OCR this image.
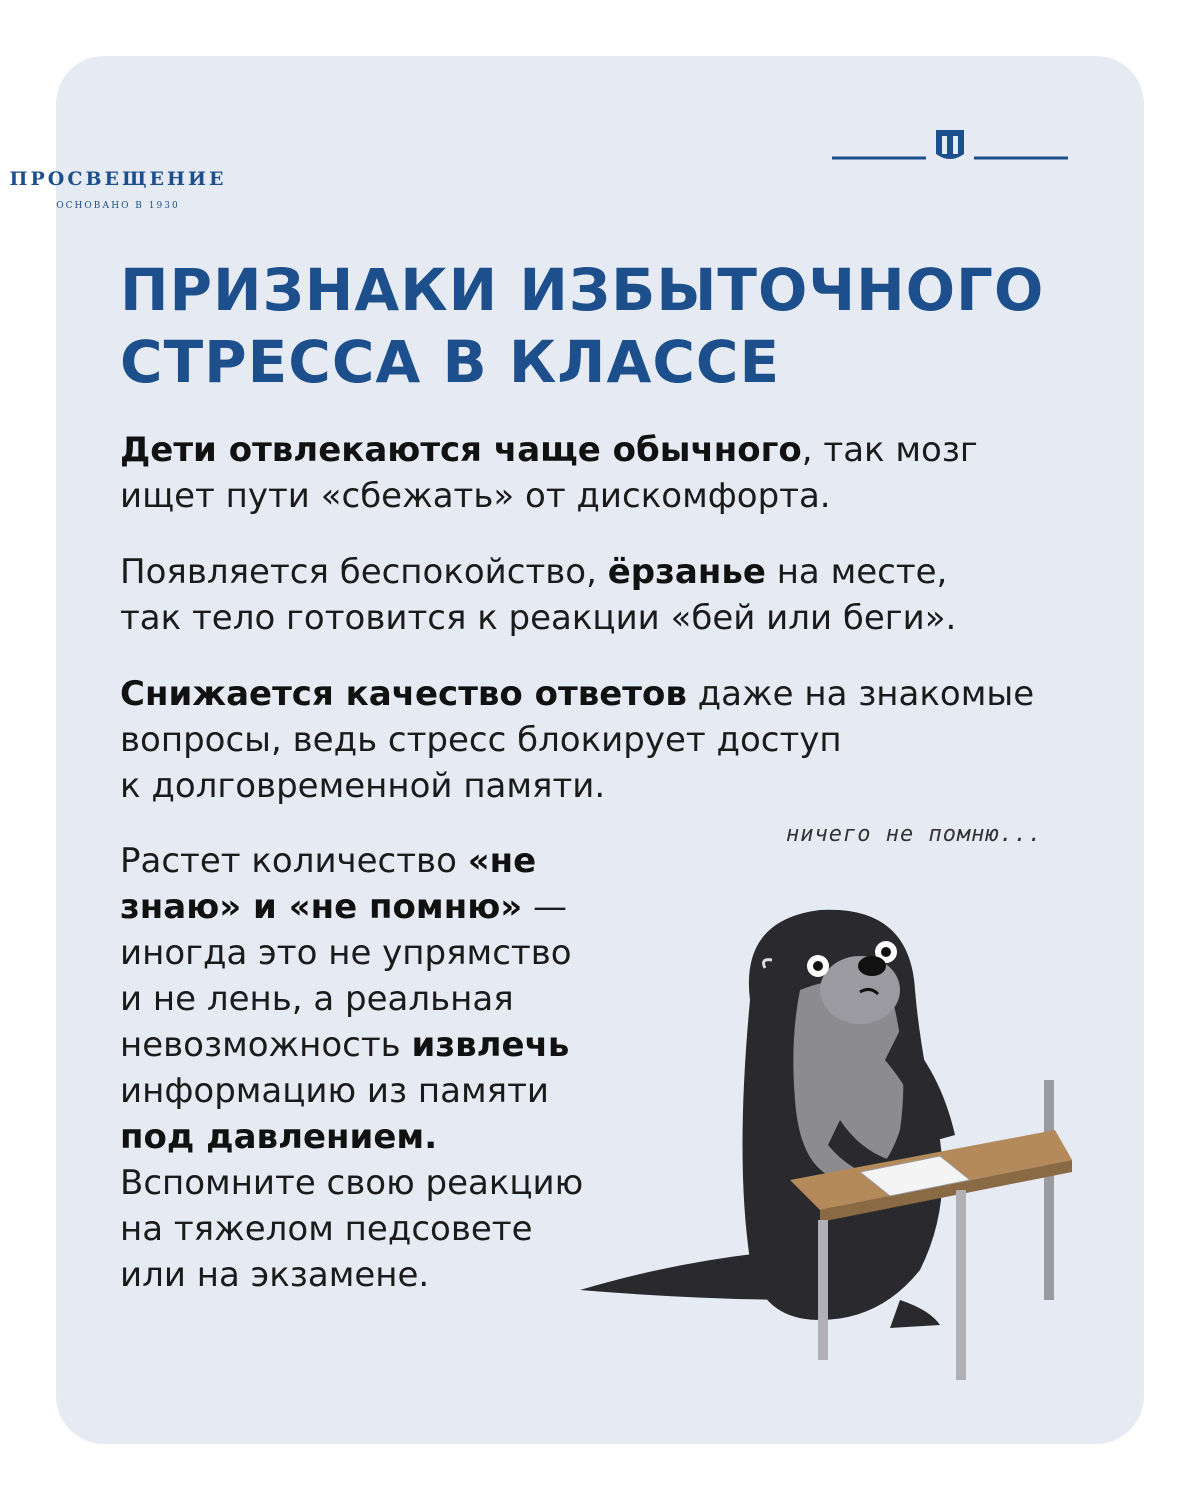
ПРОСВЕЩЕНИЕ
ОСНОВАНО В 1930
ПРИЗНАКИ ИЗБЫТОЧНОГО
СТРЕССА В КЛАССЕ

Дети отвлекаются чаще обычного, так мозг
ищет пути «сбежать» от дискомфорта.

Появляется беспокойство, ёрзанье на месте,
так тело готовится к реакции «бей или беги».

Снижается качество ответов даже на знакомые
вопросы, ведь стресс блокирует доступ
к долговременной памяти.

Растет количество «не
знаю» и «не помню» —
иногда это не упрямство
и не лень, а реальная
невозможность извлечь
информацию из памяти
под давлением.
Вспомните свою реакцию
на тяжелом педсовете
или на экзамене.

ничего не помню...
